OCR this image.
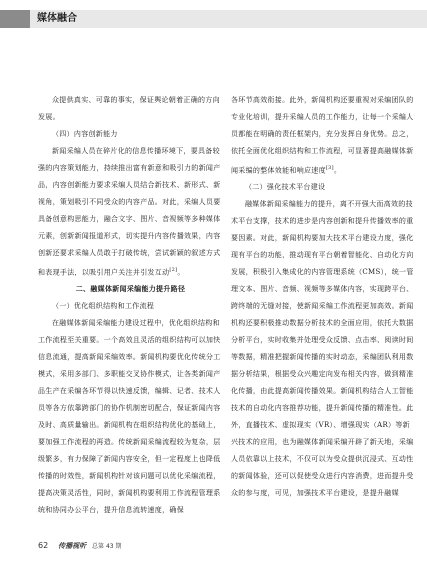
媒体融合

众提供真实、可靠的事实，保证舆论朝着正确的方向发展。

（四）内容创新能力

新闻采编人员在碎片化的信息传播环境下，要具备较强的内容策划能力，持续推出富有新意和吸引力的新闻产品，内容创新能力要求采编人员结合新技术、新形式、新视角，策划吸引不同受众的内容产品。对此，采编人员要具备创意构思能力，融合文字、图片、音视频等多种媒体元素，创新新闻报道形式，切实提升内容传播效果，内容创新还要求采编人员敢于打破传统，尝试新颖的叙述方式和表现手法，以吸引用户关注并引发互动[2]。

二、融媒体新闻采编能力提升路径

（一）优化组织结构和工作流程

在融媒体新闻采编能力建设过程中，优化组织结构和工作流程至关重要。一个高效且灵活的组织结构可以加快信息流通，提高新闻采编效率。新闻机构要优化传统分工模式，采用多部门、多职能交叉协作模式，让各类新闻产品生产在采编各环节得以快速反馈，编辑、记者、技术人员等各方依靠跨部门的协作机制密切配合，保证新闻内容及时、高质量输出。新闻机构在组织结构优化的基础上，要加强工作流程的再造。传统新闻采编流程较为复杂，层级繁多，有力保障了新闻内容安全，但一定程度上也降低传播的时效性，新闻机构针对该问题可以优化采编流程，提高决策灵活性，同时，新闻机构要利用工作流程管理系统和协同办公平台，提升信息流转速度，确保

各环节高效衔接。此外，新闻机构还要重视对采编团队的专业化培训，提升采编人员的工作能力，让每一个采编人员都能在明确的责任框架内，充分发挥自身优势。总之，依托全面优化组织结构和工作流程，可显著提高融媒体新闻采编的整体效能和响应速度[3]。

（二）强化技术平台建设

融媒体新闻采编能力的提升，离不开强大而高效的技术平台支撑，技术的进步是内容创新和提升传播效率的重要因素。对此，新闻机构要加大技术平台建设力度，强化现有平台的功能，推动现有平台朝着智能化、自动化方向发展，积极引入集成化的内容管理系统（CMS），统一管理文本、图片、音频、视频等多媒体内容，实现跨平台、跨终端的无缝对接，使新闻采编工作流程更加高效。新闻机构还要积极推动数据分析技术的全面应用，依托大数据分析平台，实时收集并处理受众反馈、点击率、阅读时间等数据，精准把握新闻传播的实时动态，采编团队利用数据分析结果，根据受众兴趣定向发布相关内容，做到精准化传播，由此提高新闻传播效果。新闻机构结合人工智能技术的自动化内容推荐功能，提升新闻传播的精准性。此外，直播技术、虚拟现实（VR）、增强现实（AR）等新兴技术的应用，也为融媒体新闻采编开辟了新天地，采编人员依靠以上技术，不仅可以为受众提供沉浸式、互动性的新闻体验，还可以促使受众进行内容消费，进而提升受众的参与度，可见，加强技术平台建设，是提升融媒

62 传播视听 总第 43 期
